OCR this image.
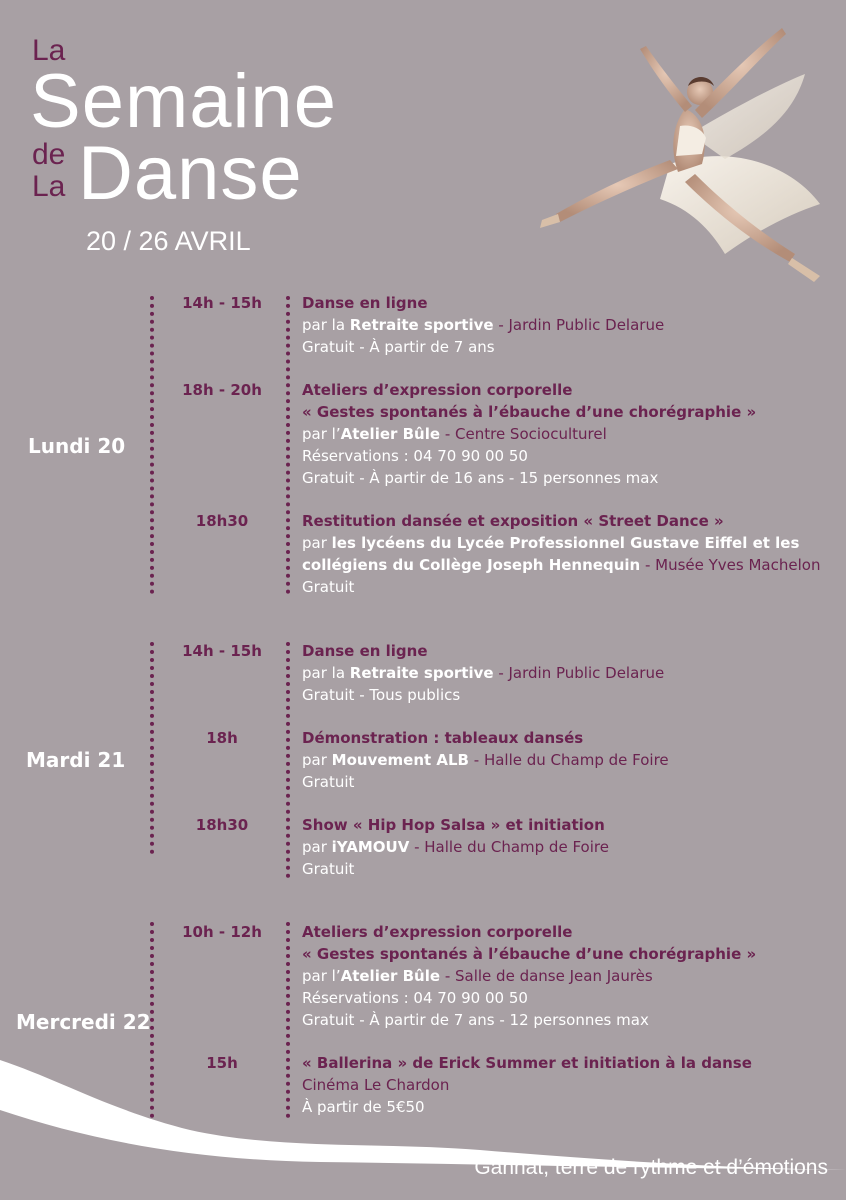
La
Semaine
de
La Danse
20 / 26 AVRIL
Lundi 20
14h - 15h	Danse en ligne
par la Retraite sportive - Jardin Public Delarue
Gratuit - À partir de 7 ans
18h - 20h	Ateliers d’expression corporelle
« Gestes spontanés à l’ébauche d’une chorégraphie »
par l’Atelier Bûle - Centre Socioculturel
Réservations : 04 70 90 00 50
Gratuit - À partir de 16 ans - 15 personnes max
18h30	Restitution dansée et exposition « Street Dance »
par les lycéens du Lycée Professionnel Gustave Eiffel et les
collégiens du Collège Joseph Hennequin - Musée Yves Machelon
Gratuit
Mardi 21
14h - 15h	Danse en ligne
par la Retraite sportive - Jardin Public Delarue
Gratuit - Tous publics
18h	Démonstration : tableaux dansés
par Mouvement ALB - Halle du Champ de Foire
Gratuit
18h30	Show « Hip Hop Salsa » et initiation
par iYAMOUV - Halle du Champ de Foire
Gratuit
Mercredi 22
10h - 12h	Ateliers d’expression corporelle
« Gestes spontanés à l’ébauche d’une chorégraphie »
par l’Atelier Bûle - Salle de danse Jean Jaurès
Réservations : 04 70 90 00 50
Gratuit - À partir de 7 ans - 12 personnes max
15h	« Ballerina » de Erick Summer et initiation à la danse
Cinéma Le Chardon
À partir de 5€50
Gannat, terre de rythme et d’émotions
